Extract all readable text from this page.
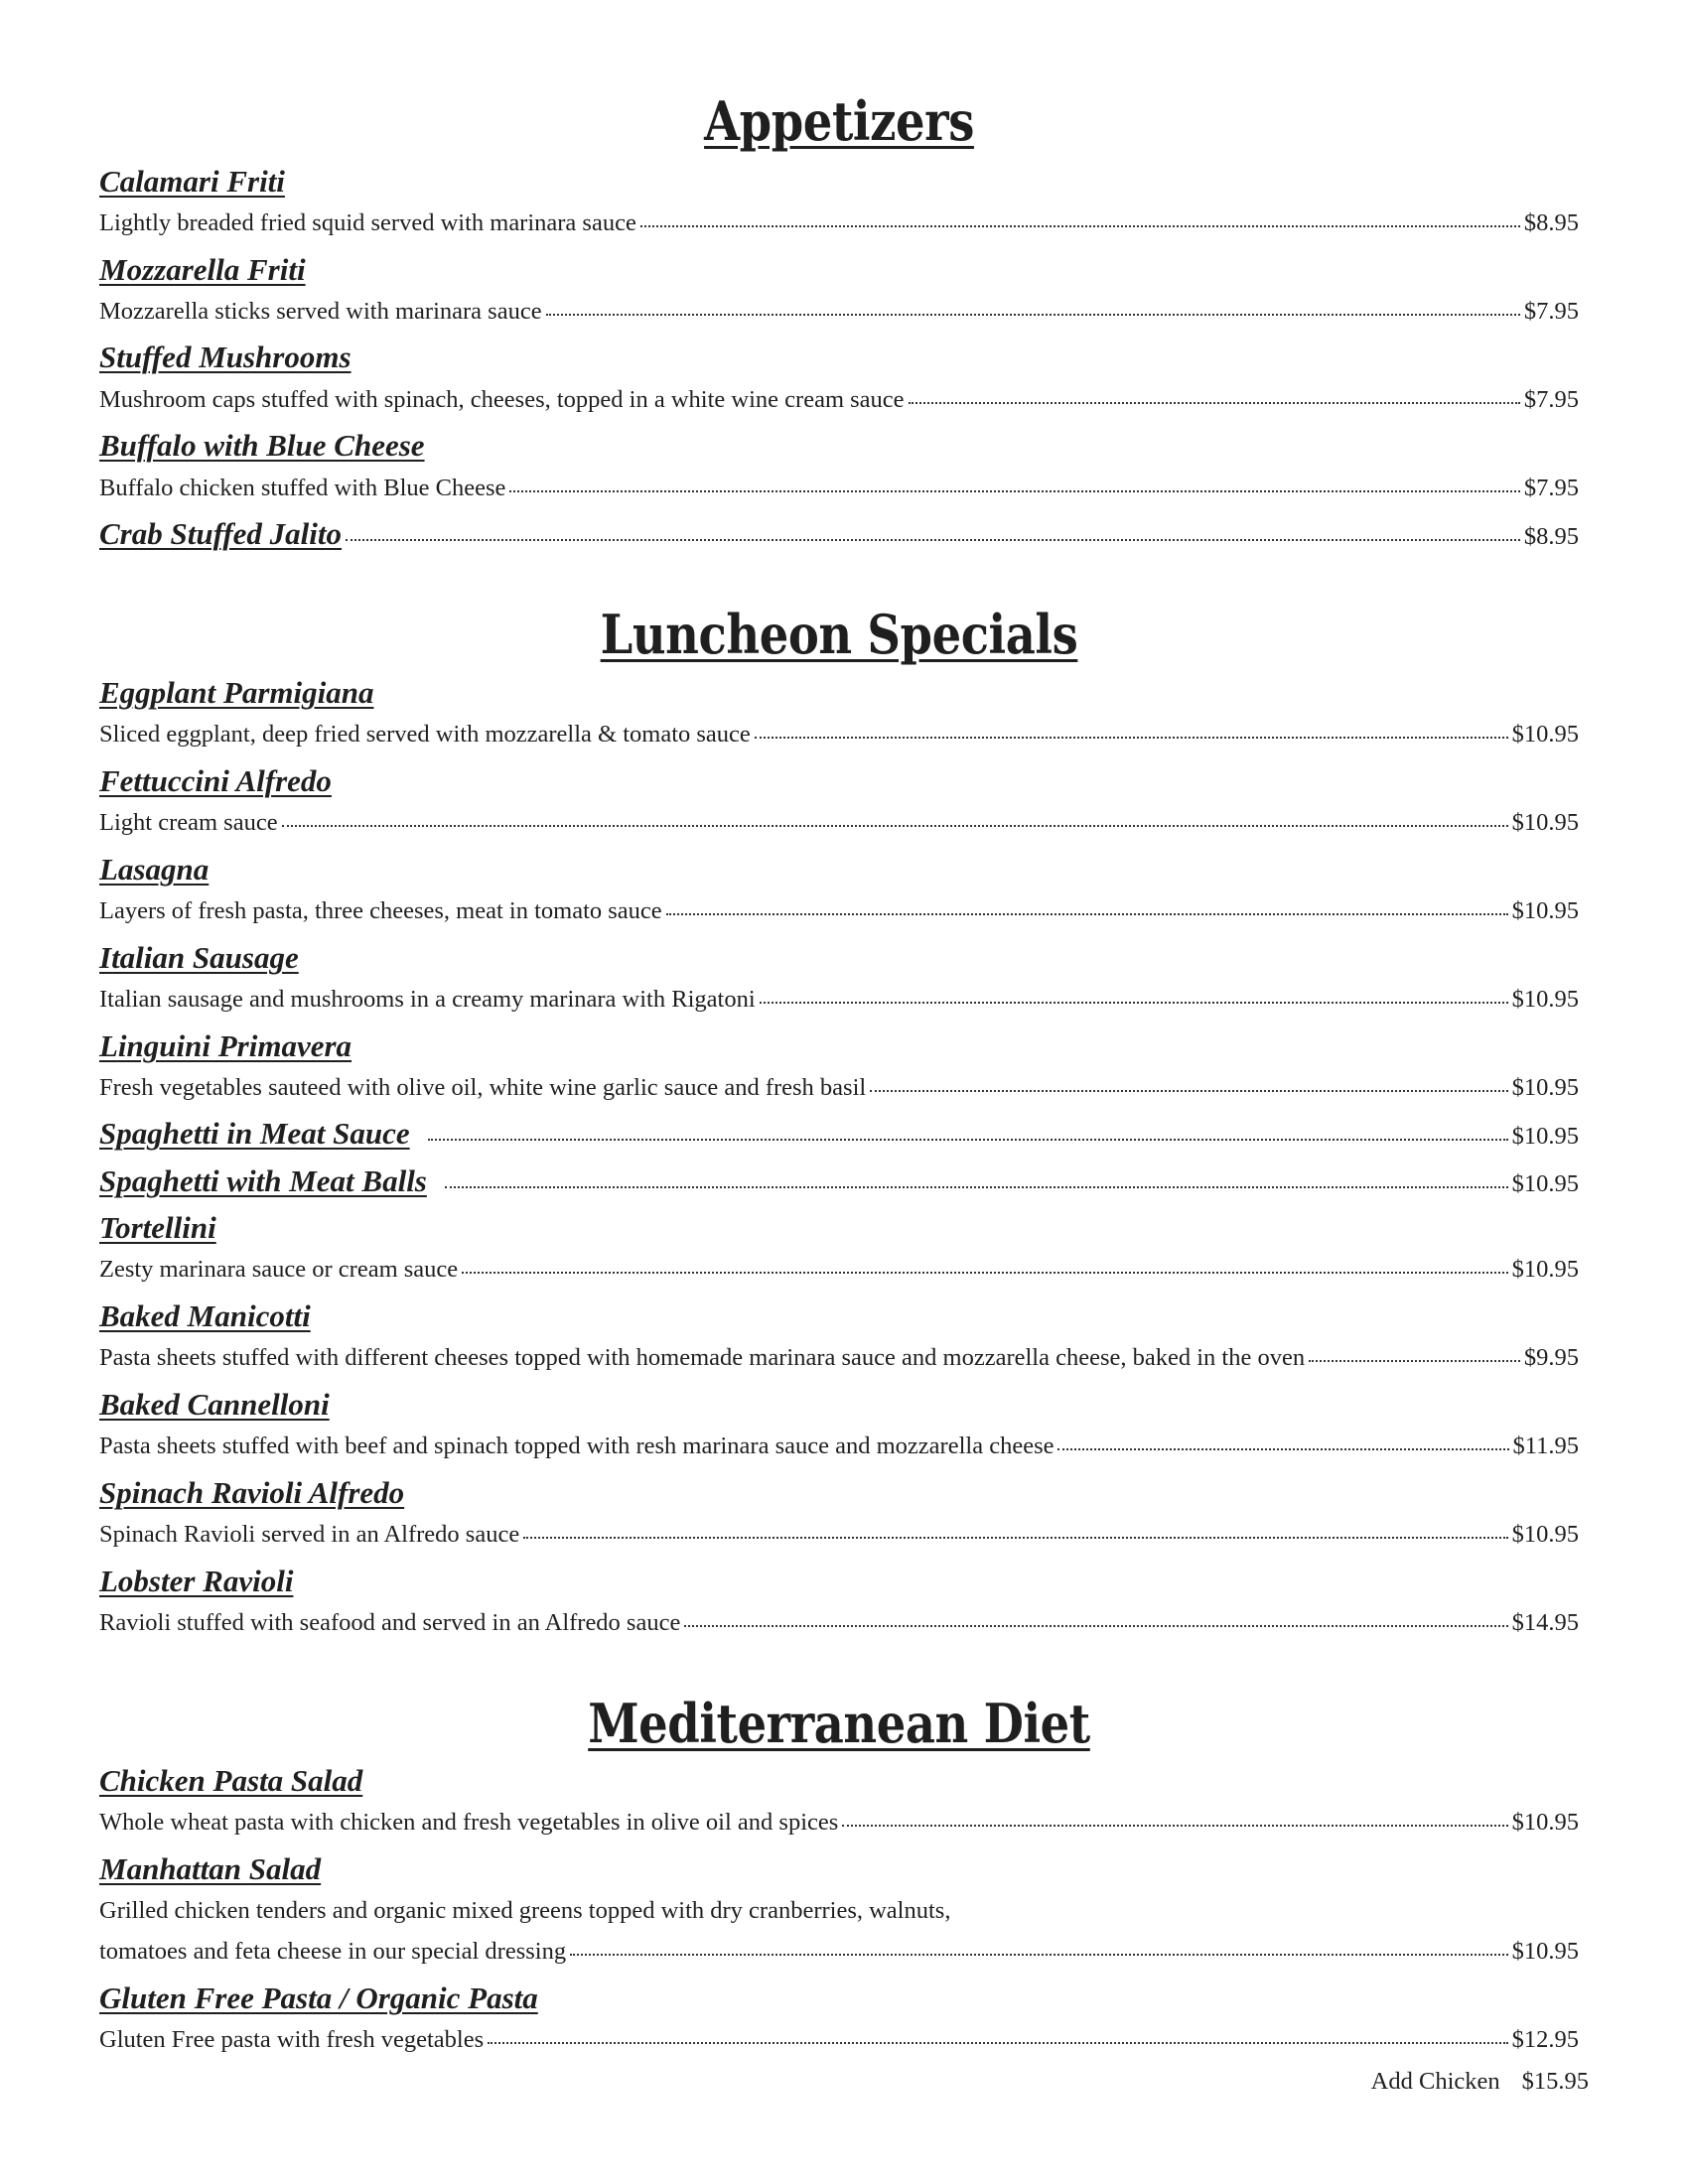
Appetizers
Calamari Friti
Lightly breaded fried squid served with marinara sauce	$8.95
Mozzarella Friti
Mozzarella sticks served with marinara sauce	$7.95
Stuffed Mushrooms
Mushroom caps stuffed with spinach, cheeses, topped in a white wine cream sauce	$7.95
Buffalo with Blue Cheese
Buffalo chicken stuffed with Blue Cheese	$7.95
Crab Stuffed Jalito	$8.95
Luncheon Specials
Eggplant Parmigiana
Sliced eggplant, deep fried served with mozzarella & tomato sauce	$10.95
Fettuccini Alfredo
Light cream sauce	$10.95
Lasagna
Layers of fresh pasta, three cheeses, meat in tomato sauce	$10.95
Italian Sausage
Italian sausage and mushrooms in a creamy marinara with Rigatoni	$10.95
Linguini Primavera
Fresh vegetables sauteed with olive oil, white wine garlic sauce and fresh basil	$10.95
Spaghetti in Meat Sauce	$10.95
Spaghetti with Meat Balls	$10.95
Tortellini
Zesty marinara sauce or cream sauce	$10.95
Baked Manicotti
Pasta sheets stuffed with different cheeses topped with homemade marinara sauce and mozzarella cheese, baked in the oven	$9.95
Baked Cannelloni
Pasta sheets stuffed with beef and spinach topped with resh marinara sauce and mozzarella cheese	$11.95
Spinach Ravioli Alfredo
Spinach Ravioli served in an Alfredo sauce	$10.95
Lobster Ravioli
Ravioli stuffed with seafood and served in an Alfredo sauce	$14.95
Mediterranean Diet
Chicken Pasta Salad
Whole wheat pasta with chicken and fresh vegetables in olive oil and spices	$10.95
Manhattan Salad
Grilled chicken tenders and organic mixed greens topped with dry cranberries, walnuts,
tomatoes and feta cheese in our special dressing	$10.95
Gluten Free Pasta / Organic Pasta
Gluten Free pasta with fresh vegetables	$12.95
Add Chicken $15.95
